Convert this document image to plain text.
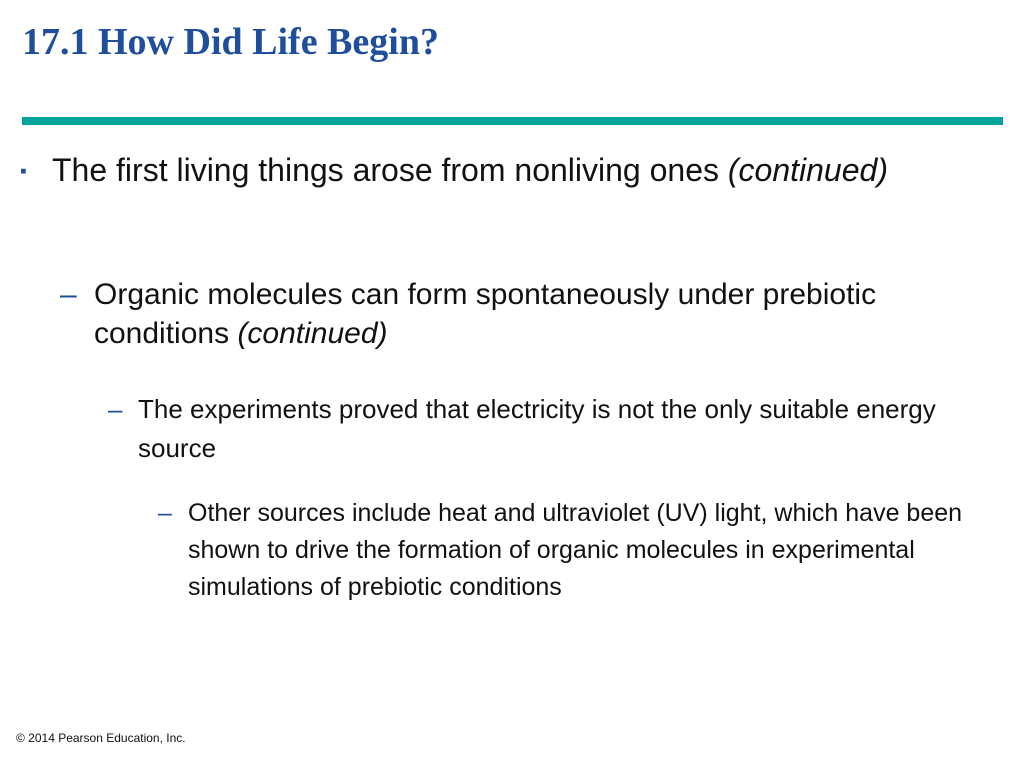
17.1 How Did Life Begin?
▪ The first living things arose from nonliving ones (continued)
– Organic molecules can form spontaneously under prebiotic conditions (continued)
– The experiments proved that electricity is not the only suitable energy source
– Other sources include heat and ultraviolet (UV) light, which have been shown to drive the formation of organic molecules in experimental simulations of prebiotic conditions
© 2014 Pearson Education, Inc.
